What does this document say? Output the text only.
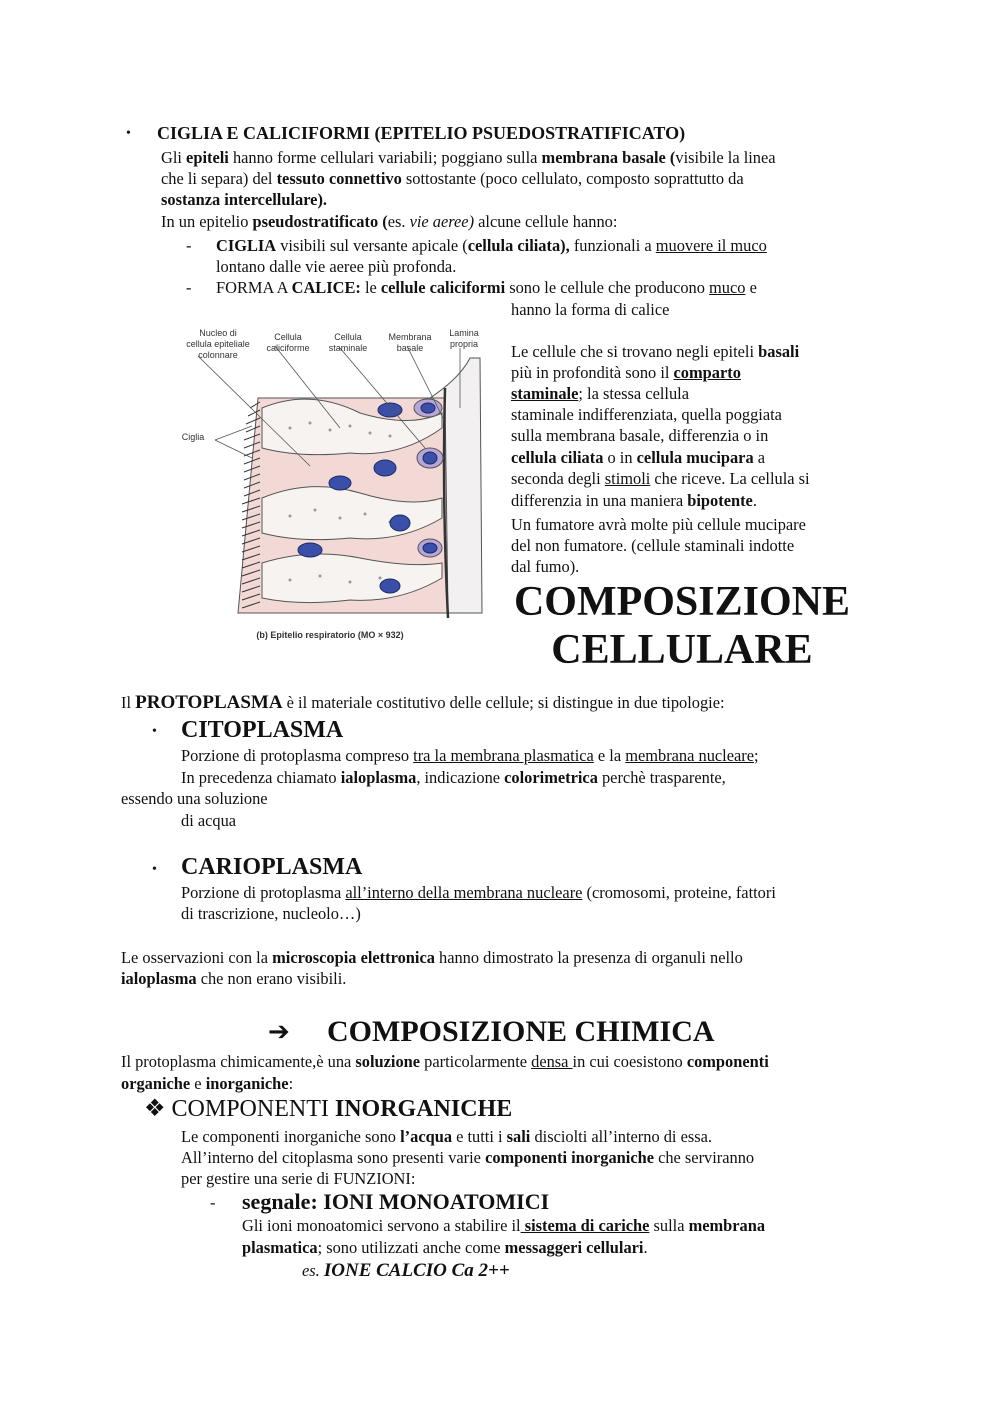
• CIGLIA E CALICIFORMI (EPITELIO PSUEDOSTRATIFICATO)
Gli epiteli hanno forme cellulari variabili; poggiano sulla membrana basale (visibile la linea
che li separa) del tessuto connettivo sottostante (poco cellulato, composto soprattutto da
sostanza intercellulare).
In un epitelio pseudostratificato (es. vie aeree) alcune cellule hanno:
- CIGLIA visibili sul versante apicale (cellula ciliata), funzionali a muovere il muco
lontano dalle vie aeree più profonda.
- FORMA A CALICE: le cellule caliciformi sono le cellule che producono muco e
hanno la forma di calice
Le cellule che si trovano negli epiteli basali
più in profondità sono il comparto
staminale; la stessa cellula
staminale indifferenziata, quella poggiata
sulla membrana basale, differenzia o in
cellula ciliata o in cellula mucipara a
seconda degli stimoli che riceve. La cellula si
differenzia in una maniera bipotente.
Un fumatore avrà molte più cellule mucipare
del non fumatore. (cellule staminali indotte
dal fumo).
COMPOSIZIONE
CELLULARE
Nucleo di
cellula epiteliale
colonnare
Cellula
caliciforme
Cellula
staminale
Membrana
basale
Lamina
propria
Ciglia
(b) Epitelio respiratorio (MO × 932)
Il PROTOPLASMA è il materiale costitutivo delle cellule; si distingue in due tipologie:
• CITOPLASMA
Porzione di protoplasma compreso tra la membrana plasmatica e la membrana nucleare;
In precedenza chiamato ialoplasma, indicazione colorimetrica perchè trasparente,
essendo una soluzione
di acqua
• CARIOPLASMA
Porzione di protoplasma all’interno della membrana nucleare (cromosomi, proteine, fattori
di trascrizione, nucleolo…)
Le osservazioni con la microscopia elettronica hanno dimostrato la presenza di organuli nello
ialoplasma che non erano visibili.
➔ COMPOSIZIONE CHIMICA
Il protoplasma chimicamente,è una soluzione particolarmente densa in cui coesistono componenti
organiche e inorganiche:
❖ COMPONENTI INORGANICHE
Le componenti inorganiche sono l’acqua e tutti i sali disciolti all’interno di essa.
All’interno del citoplasma sono presenti varie componenti inorganiche che serviranno
per gestire una serie di FUNZIONI:
- segnale: IONI MONOATOMICI
Gli ioni monoatomici servono a stabilire il sistema di cariche sulla membrana
plasmatica; sono utilizzati anche come messaggeri cellulari.
es. IONE CALCIO Ca 2++
